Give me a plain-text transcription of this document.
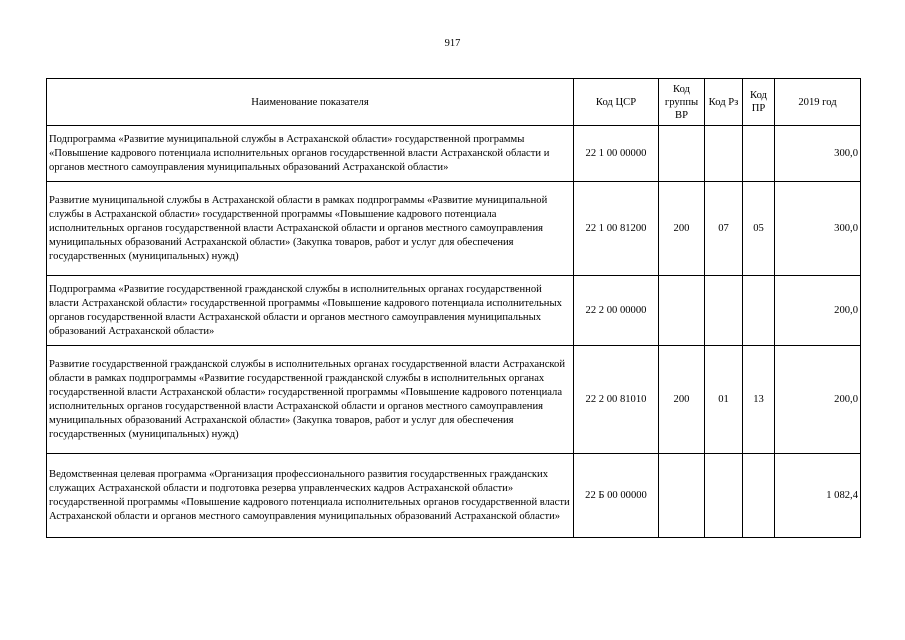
917
Наименование показателя	Код ЦСР	Код группы ВР	Код Рз	Код ПР	2019 год
Подпрограмма «Развитие муниципальной службы в Астраханской области» государственной программы «Повышение кадрового потенциала исполнительных органов государственной власти Астраханской области и органов местного самоуправления муниципальных образований Астраханской области»	22 1 00 00000				300,0
Развитие муниципальной службы в Астраханской области в рамках подпрограммы «Развитие муниципальной службы в Астраханской области» государственной программы «Повышение кадрового потенциала исполнительных органов государственной власти Астраханской области и органов местного самоуправления муниципальных образований Астраханской области» (Закупка товаров, работ и услуг для обеспечения государственных (муниципальных) нужд)	22 1 00 81200	200	07	05	300,0
Подпрограмма «Развитие государственной гражданской службы в исполнительных органах государственной власти Астраханской области» государственной программы «Повышение кадрового потенциала исполнительных органов государственной власти Астраханской области и органов местного самоуправления муниципальных образований Астраханской области»	22 2 00 00000				200,0
Развитие государственной гражданской службы в исполнительных органах государственной власти Астраханской области в рамках подпрограммы «Развитие государственной гражданской службы в исполнительных органах государственной власти Астраханской области» государственной программы «Повышение кадрового потенциала исполнительных органов государственной власти Астраханской области и органов местного самоуправления муниципальных образований Астраханской области» (Закупка товаров, работ и услуг для обеспечения государственных (муниципальных) нужд)	22 2 00 81010	200	01	13	200,0
Ведомственная целевая программа «Организация профессионального развития государственных гражданских служащих Астраханской области и подготовка резерва управленческих кадров Астраханской области» государственной программы «Повышение кадрового потенциала исполнительных органов государственной власти Астраханской области и органов местного самоуправления муниципальных образований Астраханской области»	22 Б 00 00000				1 082,4
